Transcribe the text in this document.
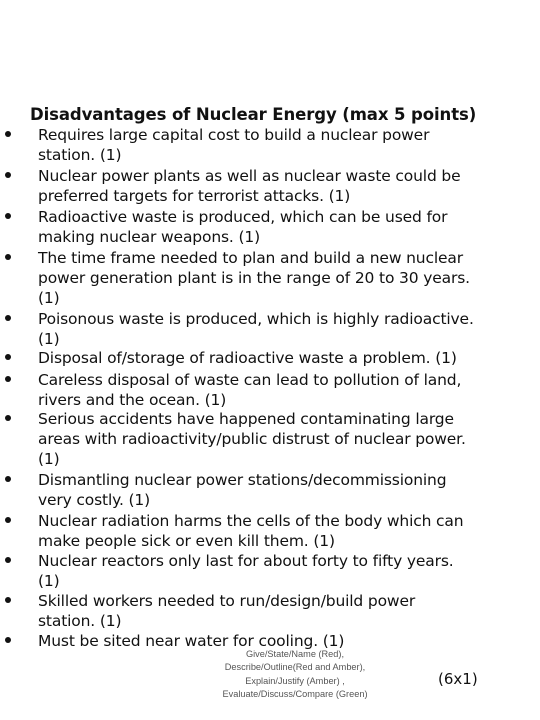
Disadvantages of Nuclear Energy (max 5 points)
Requires large capital cost to build a nuclear power
station. (1)
Nuclear power plants as well as nuclear waste could be
preferred targets for terrorist attacks. (1)
Radioactive waste is produced, which can be used for
making nuclear weapons. (1)
The time frame needed to plan and build a new nuclear
power generation plant is in the range of 20 to 30 years.
(1)
Poisonous waste is produced, which is highly radioactive.
(1)
Disposal of/storage of radioactive waste a problem. (1)
Careless disposal of waste can lead to pollution of land,
rivers and the ocean. (1)
Serious accidents have happened contaminating large
areas with radioactivity/public distrust of nuclear power.
(1)
Dismantling nuclear power stations/decommissioning
very costly. (1)
Nuclear radiation harms the cells of the body which can
make people sick or even kill them. (1)
Nuclear reactors only last for about forty to fifty years.
(1)
Skilled workers needed to run/design/build power
station. (1)
Must be sited near water for cooling. (1)
Give/State/Name (Red),
Describe/Outline(Red and Amber),
Explain/Justify (Amber) ,
Evaluate/Discuss/Compare (Green)
(6x1)
